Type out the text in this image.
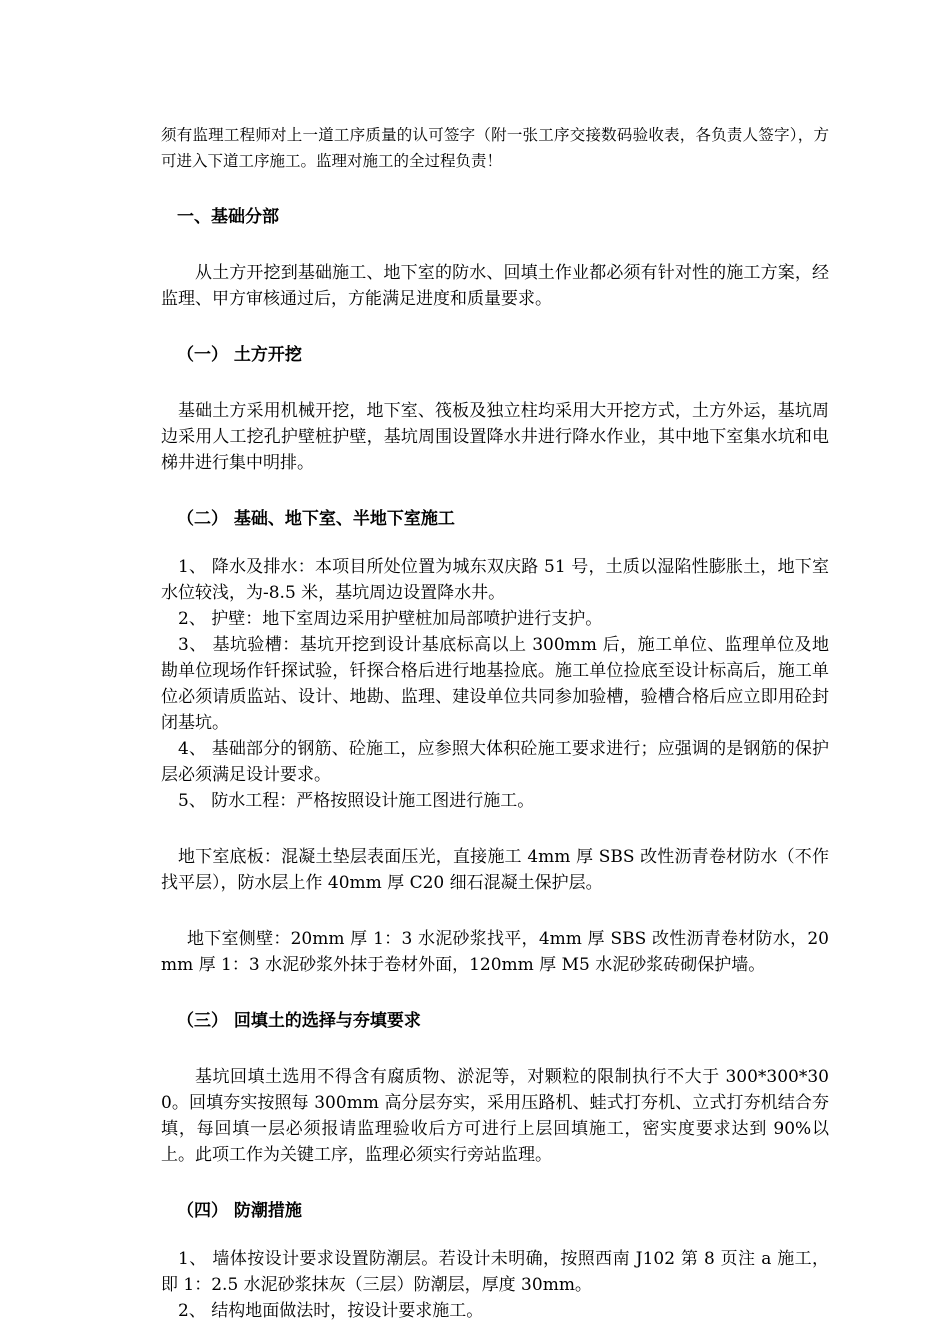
须有监理工程师对上一道工序质量的认可签字（附一张工序交接数码验收表，各负责人签字），方可进入下道工序施工。监理对施工的全过程负责！

一、基础分部

从土方开挖到基础施工、地下室的防水、回填土作业都必须有针对性的施工方案，经监理、甲方审核通过后，方能满足进度和质量要求。

（一） 土方开挖

基础土方采用机械开挖，地下室、筏板及独立柱均采用大开挖方式，土方外运，基坑周边采用人工挖孔护壁桩护壁，基坑周围设置降水井进行降水作业，其中地下室集水坑和电梯井进行集中明排。

（二） 基础、地下室、半地下室施工

1、 降水及排水：本项目所处位置为城东双庆路 51 号，土质以湿陷性膨胀土，地下室水位较浅，为-8.5 米，基坑周边设置降水井。

2、 护壁：地下室周边采用护壁桩加局部喷护进行支护。

3、 基坑验槽：基坑开挖到设计基底标高以上 300mm 后，施工单位、监理单位及地勘单位现场作钎探试验，钎探合格后进行地基捡底。施工单位捡底至设计标高后，施工单位必须请质监站、设计、地勘、监理、建设单位共同参加验槽，验槽合格后应立即用砼封闭基坑。

4、 基础部分的钢筋、砼施工，应参照大体积砼施工要求进行；应强调的是钢筋的保护层必须满足设计要求。

5、 防水工程：严格按照设计施工图进行施工。

地下室底板：混凝土垫层表面压光，直接施工 4mm 厚 SBS 改性沥青卷材防水（不作找平层），防水层上作 40mm 厚 C20 细石混凝土保护层。

地下室侧壁：20mm 厚 1：3 水泥砂浆找平，4mm 厚 SBS 改性沥青卷材防水，20mm 厚 1：3 水泥砂浆外抹于卷材外面，120mm 厚 M5 水泥砂浆砖砌保护墙。

（三） 回填土的选择与夯填要求

基坑回填土选用不得含有腐质物、淤泥等，对颗粒的限制执行不大于 300*300*300。回填夯实按照每 300mm 高分层夯实，采用压路机、蛙式打夯机、立式打夯机结合夯填，每回填一层必须报请监理验收后方可进行上层回填施工，密实度要求达到 90%以上。此项工作为关键工序，监理必须实行旁站监理。

（四） 防潮措施

1、 墙体按设计要求设置防潮层。若设计未明确，按照西南 J102 第 8 页注 a 施工，即 1：2.5 水泥砂浆抹灰（三层）防潮层，厚度 30mm。

2、 结构地面做法时，按设计要求施工。
